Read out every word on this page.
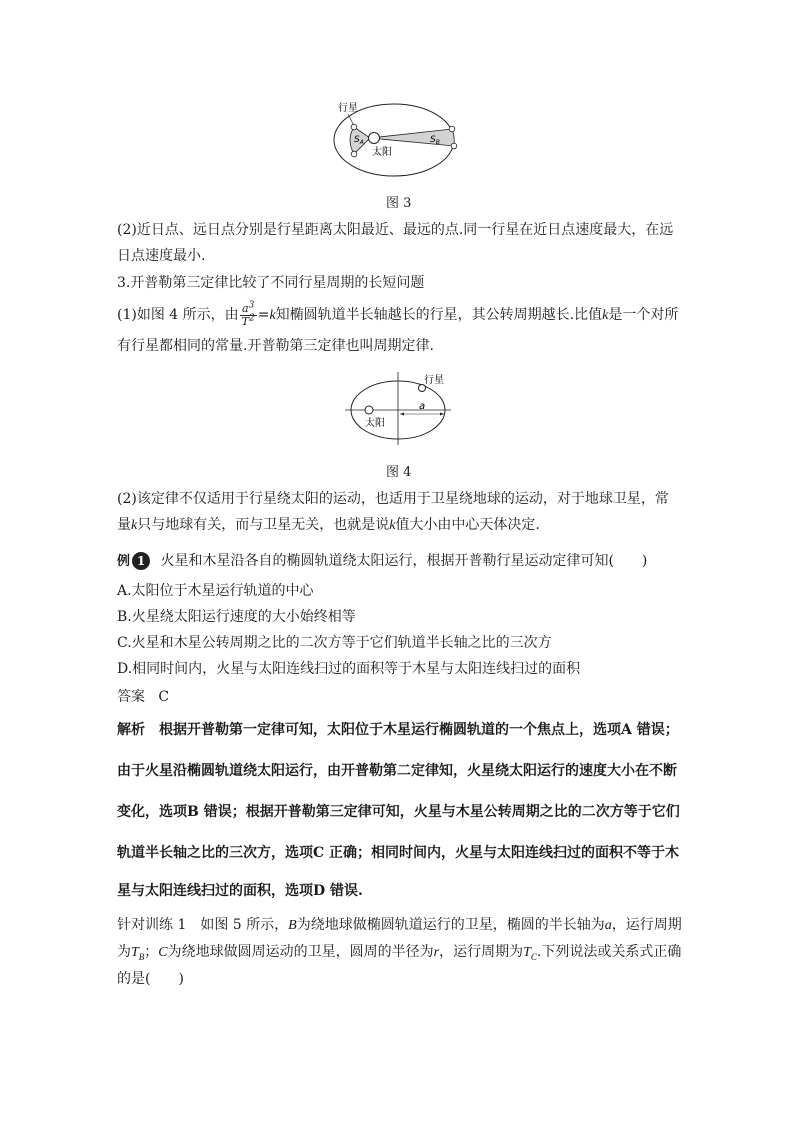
行星
太阳
$S_A$	$S_B$

图 3

(2)近日点、远日点分别是行星距离太阳最近、最远的点.同一行星在近日点速度最大，在远日点速度最小.

3.开普勒第三定律比较了不同行星周期的长短问题

(1)如图 4 所示，由 $\frac{a^3}{T^2} =k$知椭圆轨道半长轴越长的行星，其公转周期越长.比值k是一个对所有行星都相同的常量.开普勒第三定律也叫周期定律.

行星
太阳
a

图 4

(2)该定律不仅适用于行星绕太阳的运动，也适用于卫星绕地球的运动，对于地球卫星，常量k只与地球有关，而与卫星无关，也就是说k值大小由中心天体决定.

例 1 火星和木星沿各自的椭圆轨道绕太阳运行，根据开普勒行星运动定律可知(　　)

A.太阳位于木星运行轨道的中心

B.火星绕太阳运行速度的大小始终相等

C.火星和木星公转周期之比的二次方等于它们轨道半长轴之比的三次方

D.相同时间内，火星与太阳连线扫过的面积等于木星与太阳连线扫过的面积

答案 C

解析　根据开普勒第一定律可知，太阳位于木星运行椭圆轨道的一个焦点上，选项A 错误；

由于火星沿椭圆轨道绕太阳运行，由开普勒第二定律知，火星绕太阳运行的速度大小在不断

变化，选项B 错误；根据开普勒第三定律可知，火星与木星公转周期之比的二次方等于它们

轨道半长轴之比的三次方，选项C 正确；相同时间内，火星与太阳连线扫过的面积不等于木

星与太阳连线扫过的面积，选项D 错误.

针对训练 1　如图 5 所示，B为绕地球做椭圆轨道运行的卫星，椭圆的半长轴为a，运行周期为$T_B$；C为绕地球做圆周运动的卫星，圆周的半径为r，运行周期为$T_C$.下列说法或关系式正确的是(　　)
